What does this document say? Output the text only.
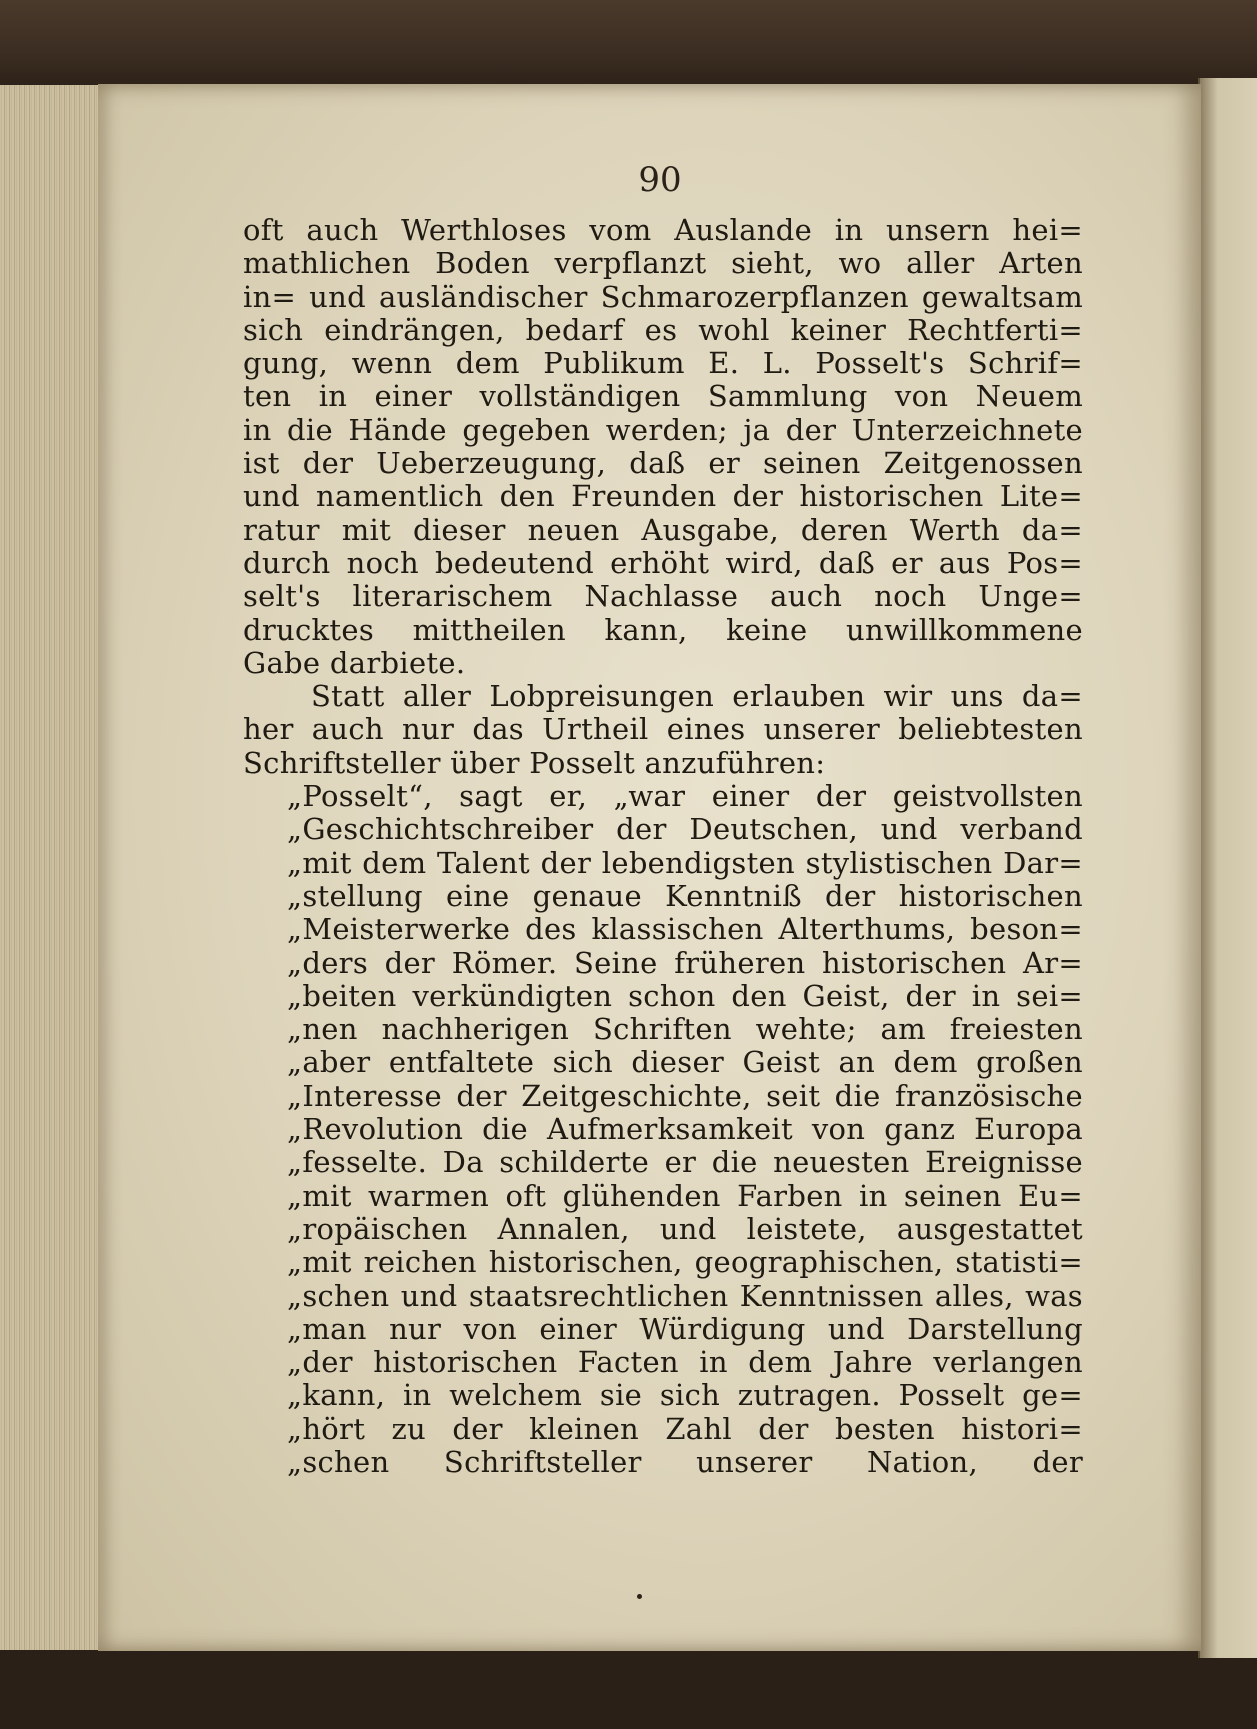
90

oft auch Werthloses vom Auslande in unsern hei=
mathlichen Boden verpflanzt sieht, wo aller Arten
in= und ausländischer Schmarozerpflanzen gewaltsam
sich eindrängen, bedarf es wohl keiner Rechtferti=
gung, wenn dem Publikum E. L. Posselt's Schrif=
ten in einer vollständigen Sammlung von Neuem
in die Hände gegeben werden; ja der Unterzeichnete
ist der Ueberzeugung, daß er seinen Zeitgenossen
und namentlich den Freunden der historischen Lite=
ratur mit dieser neuen Ausgabe, deren Werth da=
durch noch bedeutend erhöht wird, daß er aus Pos=
selt's literarischem Nachlasse auch noch Unge=
drucktes mittheilen kann, keine unwillkommene
Gabe darbiete.
Statt aller Lobpreisungen erlauben wir uns da=
her auch nur das Urtheil eines unserer beliebtesten
Schriftsteller über Posselt anzuführen:
„Posselt“, sagt er, „war einer der geistvollsten
„Geschichtschreiber der Deutschen, und verband
„mit dem Talent der lebendigsten stylistischen Dar=
„stellung eine genaue Kenntniß der historischen
„Meisterwerke des klassischen Alterthums, beson=
„ders der Römer. Seine früheren historischen Ar=
„beiten verkündigten schon den Geist, der in sei=
„nen nachherigen Schriften wehte; am freiesten
„aber entfaltete sich dieser Geist an dem großen
„Interesse der Zeitgeschichte, seit die französische
„Revolution die Aufmerksamkeit von ganz Europa
„fesselte. Da schilderte er die neuesten Ereignisse
„mit warmen oft glühenden Farben in seinen Eu=
„ropäischen Annalen, und leistete, ausgestattet
„mit reichen historischen, geographischen, statisti=
„schen und staatsrechtlichen Kenntnissen alles, was
„man nur von einer Würdigung und Darstellung
„der historischen Facten in dem Jahre verlangen
„kann, in welchem sie sich zutragen. Posselt ge=
„hört zu der kleinen Zahl der besten histori=
„schen Schriftsteller unserer Nation, der
